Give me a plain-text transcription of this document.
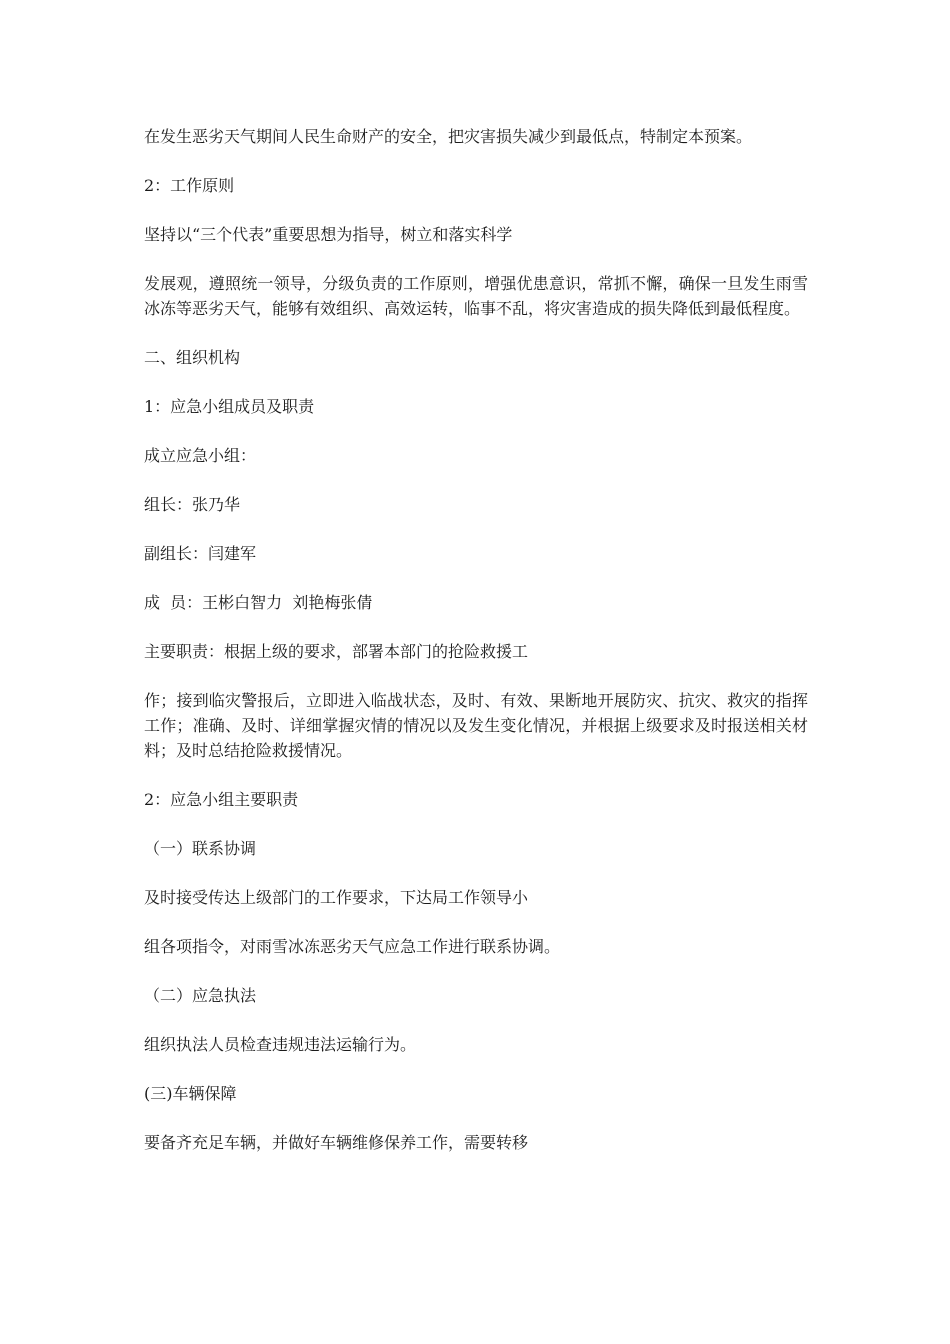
在发生恶劣天气期间人民生命财产的安全，把灾害损失减少到最低点，特制定本预案。

2：工作原则

坚持以“三个代表”重要思想为指导，树立和落实科学

发展观，遵照统一领导，分级负责的工作原则，增强优患意识，常抓不懈，确保一旦发生雨雪冰冻等恶劣天气，能够有效组织、高效运转，临事不乱，将灾害造成的损失降低到最低程度。

二、组织机构

1：应急小组成员及职责

成立应急小组：

组长：张乃华

副组长：闫建军

成  员：王彬白智力  刘艳梅张倩

主要职责：根据上级的要求，部署本部门的抢险救援工

作；接到临灾警报后，立即进入临战状态，及时、有效、果断地开展防灾、抗灾、救灾的指挥工作；准确、及时、详细掌握灾情的情况以及发生变化情况，并根据上级要求及时报送相关材料；及时总结抢险救援情况。

2：应急小组主要职责

（一）联系协调

及时接受传达上级部门的工作要求，下达局工作领导小

组各项指令，对雨雪冰冻恶劣天气应急工作进行联系协调。

（二）应急执法

组织执法人员检查违规违法运输行为。

(三)车辆保障

要备齐充足车辆，并做好车辆维修保养工作，需要转移
